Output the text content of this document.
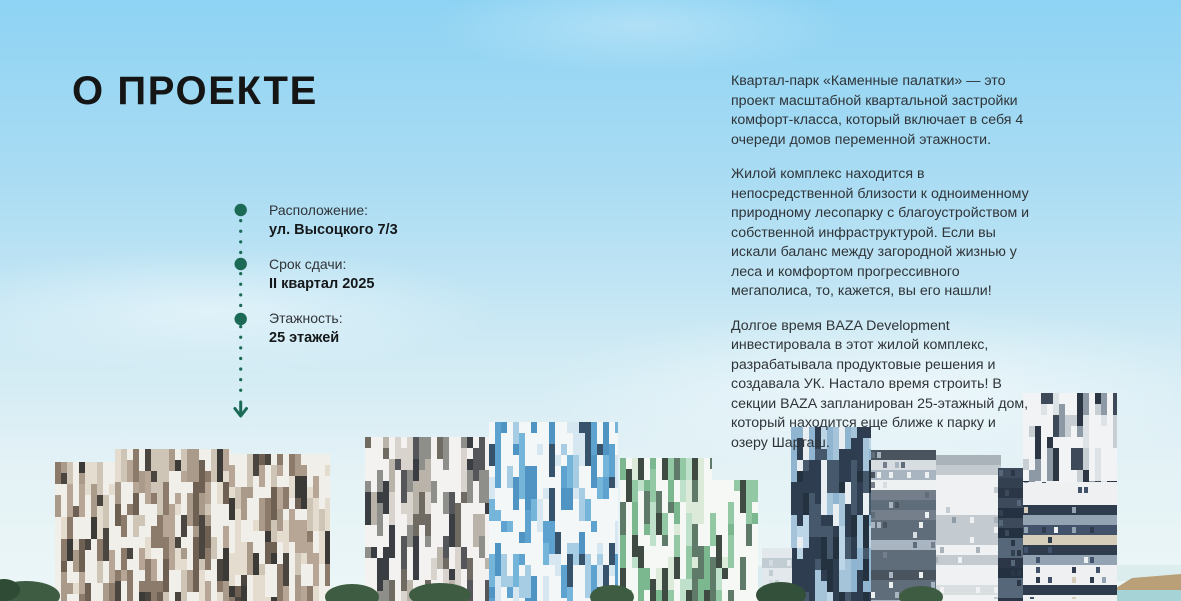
О ПРОЕКТЕ
Расположение:
ул. Высоцкого 7/3
Срок сдачи:
II квартал 2025
Этажность:
25 этажей

Квартал-парк «Каменные палатки» — это проект масштабной квартальной застройки комфорт-класса, который включает в себя 4 очереди домов переменной этажности.

Жилой комплекс находится в непосредственной близости к одноименному природному лесопарку с благоустройством и собственной инфраструктурой. Если вы искали баланс между загородной жизнью у леса и комфортом прогрессивного мегаполиса, то, кажется, вы его нашли!

Долгое время BAZA Development инвестировала в этот жилой комплекс, разрабатывала продуктовые решения и создавала УК. Настало время строить! В секции BAZA запланирован 25-этажный дом, который находится еще ближе к парку и озеру Шарташ.
